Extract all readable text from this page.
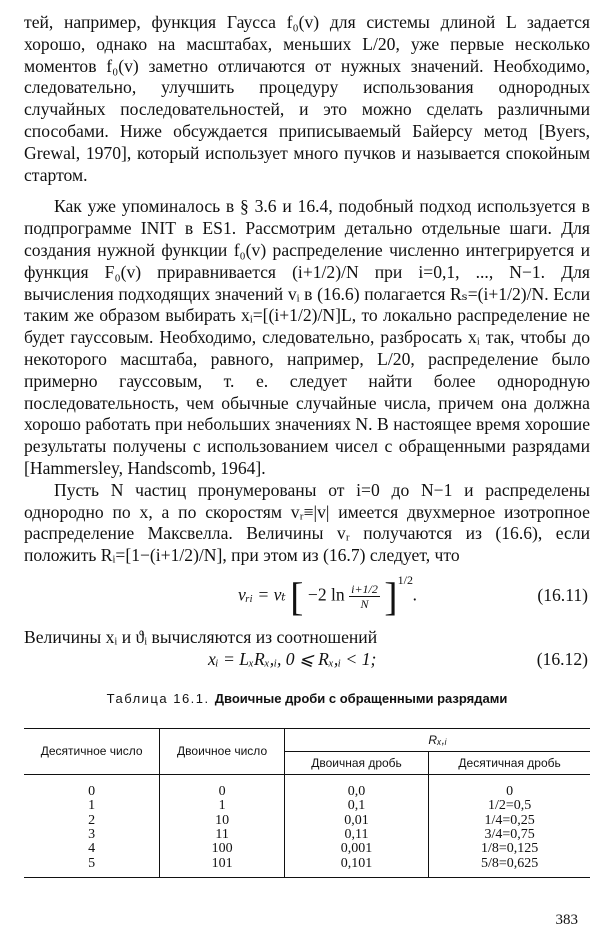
тей, например, функция Гаусса f₀(v) для системы длиной L задается хорошо, однако на масштабах, меньших L/20, уже первые несколько моментов f₀(v) заметно отличаются от нужных значений. Необходимо, следовательно, улучшить процедуру использования однородных случайных последовательностей, и это можно сделать различными способами. Ниже обсуждается приписываемый Байерсу метод [Byers, Grewal, 1970], который использует много пучков и называется спокойным стартом.

Как уже упоминалось в § 3.6 и 16.4, подобный подход используется в подпрограмме INIT в ES1. Рассмотрим детально отдельные шаги. Для создания нужной функции f₀(v) распределение численно интегрируется и функция F₀(v) приравнивается (i+1/2)/N при i=0,1, ..., N−1. Для вычисления подходящих значений vᵢ в (16.6) полагается Rₛ=(i+1/2)/N. Если таким же образом выбирать xᵢ=[(i+1/2)/N]L, то локально распределение не будет гауссовым. Необходимо, следовательно, разбросать xᵢ так, чтобы до некоторого масштаба, равного, например, L/20, распределение было примерно гауссовым, т. е. следует найти более однородную последовательность, чем обычные случайные числа, причем она должна хорошо работать при небольших значениях N. В настоящее время хорошие результаты получены с использованием чисел с обращенными разрядами [Hammersley, Handscomb, 1964].

Пусть N частиц пронумерованы от i=0 до N−1 и распределены однородно по x, а по скоростям vᵣ≡|v| имеется двухмерное изотропное распределение Максвелла. Величины vᵣ получаются из (16.6), если положить Rᵢ=[1−(i+1/2)/N], при этом из (16.7) следует, что

vᵣᵢ = vₜ [ −2 $\ln \frac{i+1/2}{N} ]^{1/2}$.	(16.11)

Величины xᵢ и ϑᵢ вычисляются из соотношений

xᵢ = LₓRₓ,ᵢ, 0 ⩽ Rₓ,ᵢ < 1;	(16.12)
Таблица 16.1. Двоичные дроби с обращенными разрядами
Десятичное число	Двоичное число	Rₓ,ᵢ	
		Двоичная дробь	Десятичная дробь
0	0	0,0	0
1	1	0,1	1/2=0,5
2	10	0,01	1/4=0,25
3	11	0,11	3/4=0,75
4	100	0,001	1/8=0,125
5	101	0,101	5/8=0,625
383
